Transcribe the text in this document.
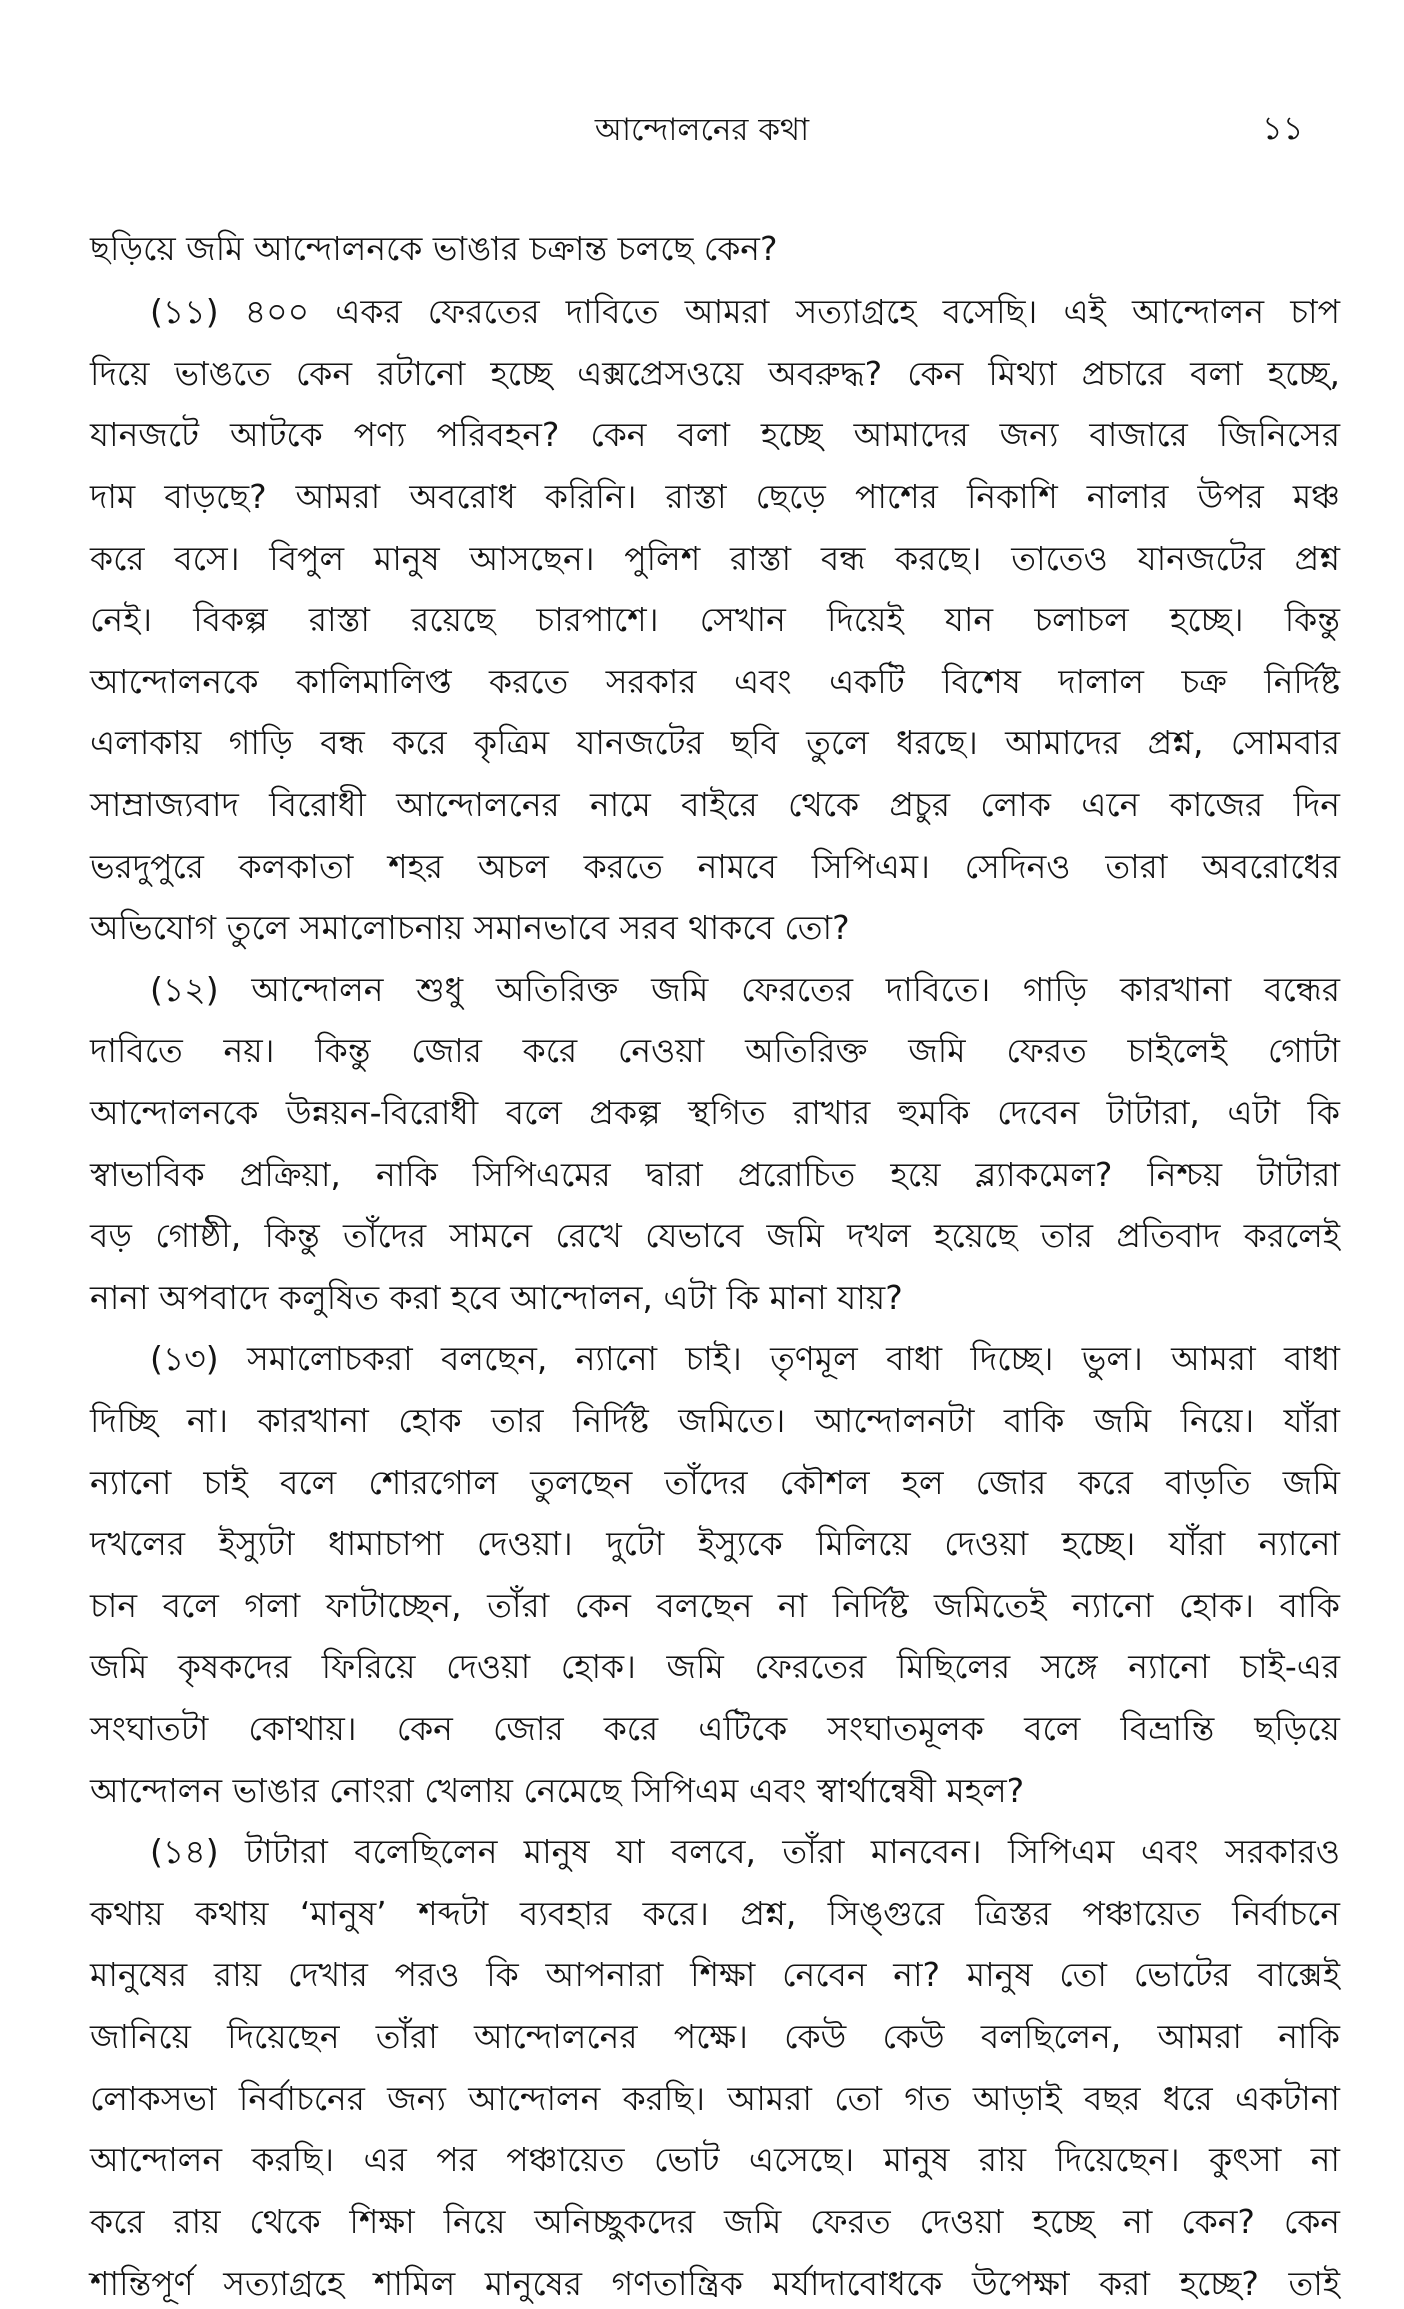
আন্দোলনের কথা	১১
ছড়িয়ে জমি আন্দোলনকে ভাঙার চক্রান্ত চলছে কেন?
(১১) ৪০০ একর ফেরতের দাবিতে আমরা সত্যাগ্রহে বসেছি। এই আন্দোলন চাপ
দিয়ে ভাঙতে কেন রটানো হচ্ছে এক্সপ্রেসওয়ে অবরুদ্ধ? কেন মিথ্যা প্রচারে বলা হচ্ছে,
যানজটে আটকে পণ্য পরিবহন? কেন বলা হচ্ছে আমাদের জন্য বাজারে জিনিসের
দাম বাড়ছে? আমরা অবরোধ করিনি। রাস্তা ছেড়ে পাশের নিকাশি নালার উপর মঞ্চ
করে বসে। বিপুল মানুষ আসছেন। পুলিশ রাস্তা বন্ধ করছে। তাতেও যানজটের প্রশ্ন
নেই। বিকল্প রাস্তা রয়েছে চারপাশে। সেখান দিয়েই যান চলাচল হচ্ছে। কিন্তু
আন্দোলনকে কালিমালিপ্ত করতে সরকার এবং একটি বিশেষ দালাল চক্র নির্দিষ্ট
এলাকায় গাড়ি বন্ধ করে কৃত্রিম যানজটের ছবি তুলে ধরছে। আমাদের প্রশ্ন, সোমবার
সাম্রাজ্যবাদ বিরোধী আন্দোলনের নামে বাইরে থেকে প্রচুর লোক এনে কাজের দিন
ভরদুপুরে কলকাতা শহর অচল করতে নামবে সিপিএম। সেদিনও তারা অবরোধের
অভিযোগ তুলে সমালোচনায় সমানভাবে সরব থাকবে তো?
(১২) আন্দোলন শুধু অতিরিক্ত জমি ফেরতের দাবিতে। গাড়ি কারখানা বন্ধের
দাবিতে নয়। কিন্তু জোর করে নেওয়া অতিরিক্ত জমি ফেরত চাইলেই গোটা
আন্দোলনকে উন্নয়ন-বিরোধী বলে প্রকল্প স্থগিত রাখার হুমকি দেবেন টাটারা, এটা কি
স্বাভাবিক প্রক্রিয়া, নাকি সিপিএমের দ্বারা প্ররোচিত হয়ে ব্ল্যাকমেল? নিশ্চয় টাটারা
বড় গোষ্ঠী, কিন্তু তাঁদের সামনে রেখে যেভাবে জমি দখল হয়েছে তার প্রতিবাদ করলেই
নানা অপবাদে কলুষিত করা হবে আন্দোলন, এটা কি মানা যায়?
(১৩) সমালোচকরা বলছেন, ন্যানো চাই। তৃণমূল বাধা দিচ্ছে। ভুল। আমরা বাধা
দিচ্ছি না। কারখানা হোক তার নির্দিষ্ট জমিতে। আন্দোলনটা বাকি জমি নিয়ে। যাঁরা
ন্যানো চাই বলে শোরগোল তুলছেন তাঁদের কৌশল হল জোর করে বাড়তি জমি
দখলের ইস্যুটা ধামাচাপা দেওয়া। দুটো ইস্যুকে মিলিয়ে দেওয়া হচ্ছে। যাঁরা ন্যানো
চান বলে গলা ফাটাচ্ছেন, তাঁরা কেন বলছেন না নির্দিষ্ট জমিতেই ন্যানো হোক। বাকি
জমি কৃষকদের ফিরিয়ে দেওয়া হোক। জমি ফেরতের মিছিলের সঙ্গে ন্যানো চাই-এর
সংঘাতটা কোথায়। কেন জোর করে এটিকে সংঘাতমূলক বলে বিভ্রান্তি ছড়িয়ে
আন্দোলন ভাঙার নোংরা খেলায় নেমেছে সিপিএম এবং স্বার্থান্বেষী মহল?
(১৪) টাটারা বলেছিলেন মানুষ যা বলবে, তাঁরা মানবেন। সিপিএম এবং সরকারও
কথায় কথায় ‘মানুষ’ শব্দটা ব্যবহার করে। প্রশ্ন, সিঙ্গুরে ত্রিস্তর পঞ্চায়েত নির্বাচনে
মানুষের রায় দেখার পরও কি আপনারা শিক্ষা নেবেন না? মানুষ তো ভোটের বাক্সেই
জানিয়ে দিয়েছেন তাঁরা আন্দোলনের পক্ষে। কেউ কেউ বলছিলেন, আমরা নাকি
লোকসভা নির্বাচনের জন্য আন্দোলন করছি। আমরা তো গত আড়াই বছর ধরে একটানা
আন্দোলন করছি। এর পর পঞ্চায়েত ভোট এসেছে। মানুষ রায় দিয়েছেন। কুৎসা না
করে রায় থেকে শিক্ষা নিয়ে অনিচ্ছুকদের জমি ফেরত দেওয়া হচ্ছে না কেন? কেন
শান্তিপূর্ণ সত্যাগ্রহে শামিল মানুষের গণতান্ত্রিক মর্যাদাবোধকে উপেক্ষা করা হচ্ছে? তাই
